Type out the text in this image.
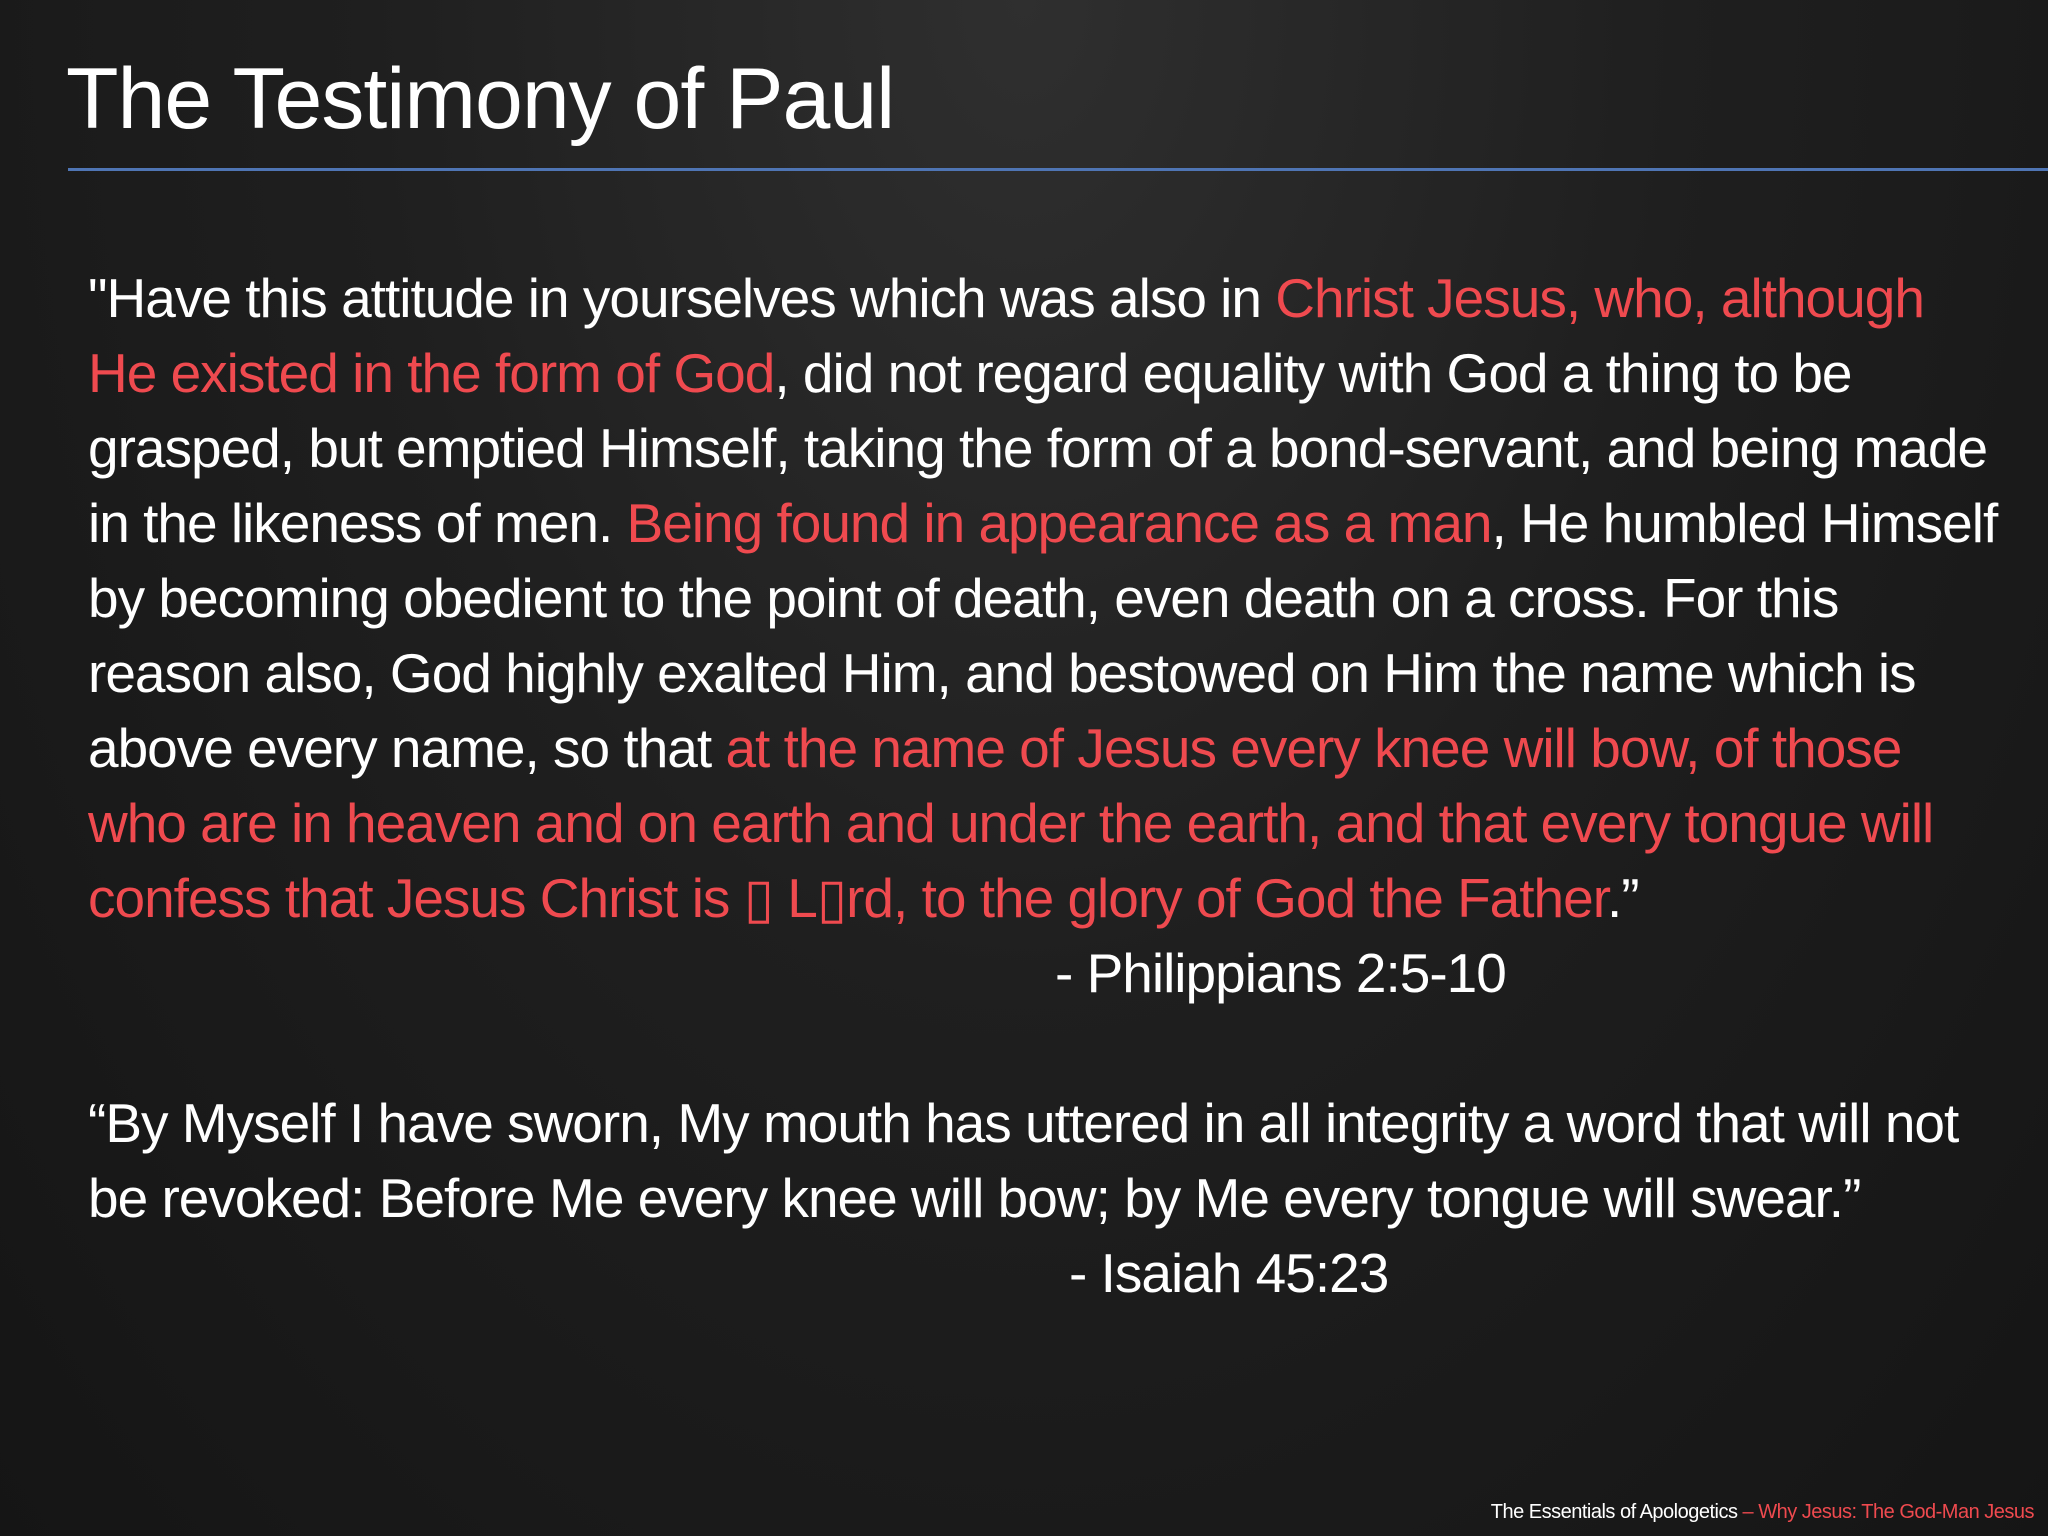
The Testimony of Paul
"Have this attitude in yourselves which was also in Christ Jesus, who, although
He existed in the form of God, did not regard equality with God a thing to be
grasped, but emptied Himself, taking the form of a bond-servant, and being made
in the likeness of men. Being found in appearance as a man, He humbled Himself
by becoming obedient to the point of death, even death on a cross. For this
reason also, God highly exalted Him, and bestowed on Him the name which is
above every name, so that at the name of Jesus every knee will bow, of those
who are in heaven and on earth and under the earth, and that every tongue will
confess that Jesus Christ is ▯ L▯rd, to the glory of God the Father.”

- Philippians 2:5-10

“By Myself I have sworn, My mouth has uttered in all integrity a word that will not
be revoked: Before Me every knee will bow; by Me every tongue will swear.”

- Isaiah 45:23

The Essentials of Apologetics – Why Jesus: The God-Man Jesus
